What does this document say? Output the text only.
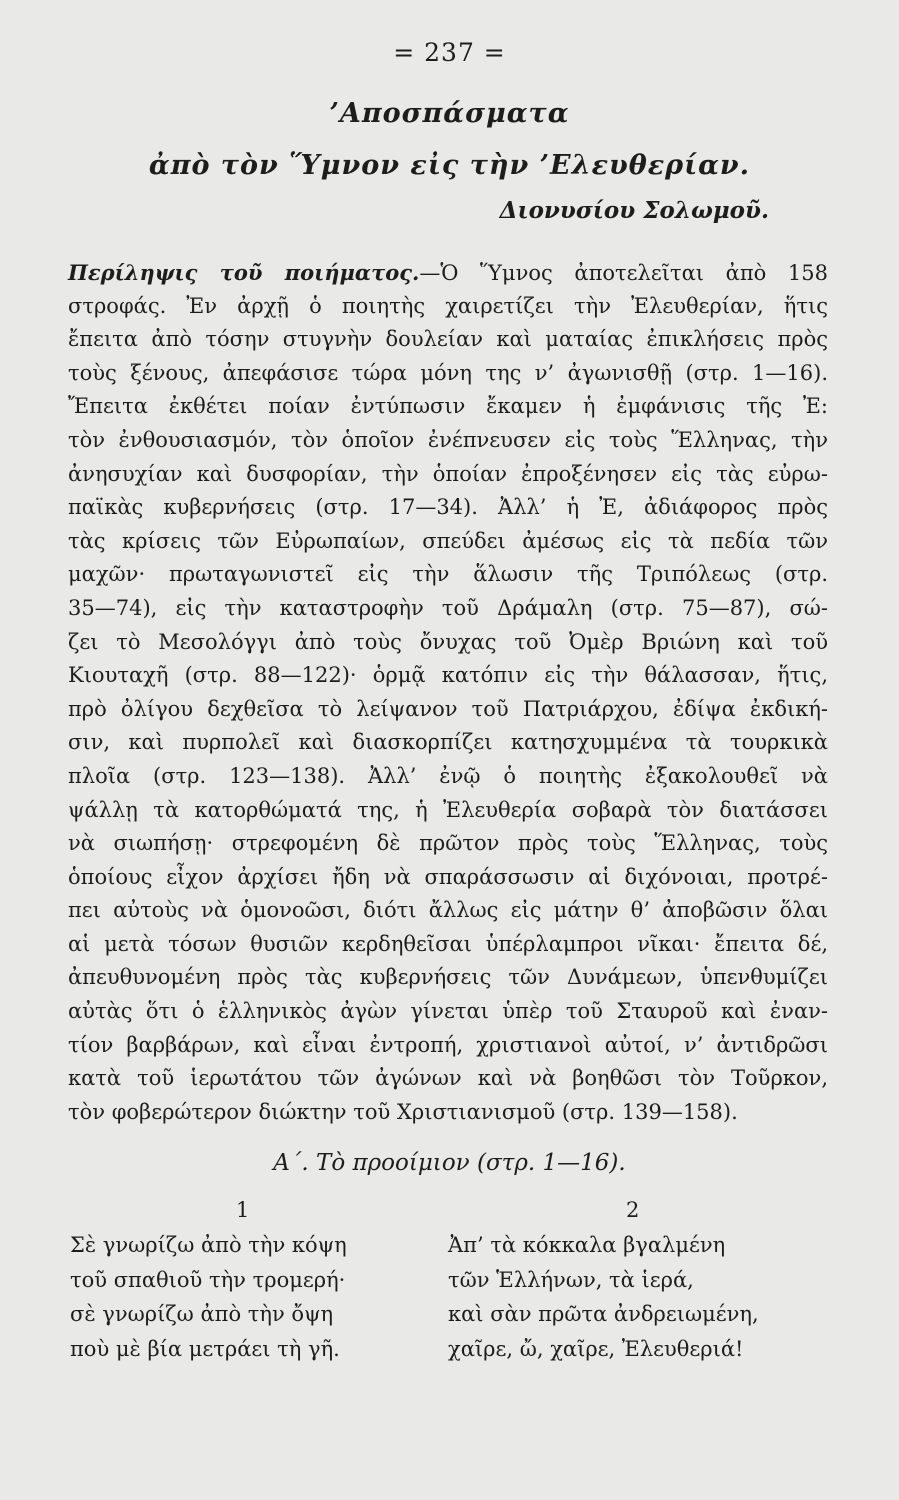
= 237 =
’Αποσπάσματα
ἀπὸ τὸν Ὕμνον εἰς τὴν ’Ελευθερίαν.
Διονυσίου Σολωμοῦ.
Περίληψις τοῦ ποιήματος.—Ὁ Ὕμνος ἀποτελεῖται ἀπὸ 158
στροφάς. Ἐν ἀρχῇ ὁ ποιητὴς χαιρετίζει τὴν Ἐλευθερίαν, ἥτις
ἔπειτα ἀπὸ τόσην στυγνὴν δουλείαν καὶ ματαίας ἐπικλήσεις πρὸς
τοὺς ξένους, ἀπεφάσισε τώρα μόνη της ν’ ἀγωνισθῇ (στρ. 1—16).
Ἔπειτα ἐκθέτει ποίαν ἐντύπωσιν ἔκαμεν ἡ ἐμφάνισις τῆς Ἐ:
τὸν ἐνθουσιασμόν, τὸν ὁποῖον ἐνέπνευσεν εἰς τοὺς Ἕλληνας, τὴν
ἀνησυχίαν καὶ δυσφορίαν, τὴν ὁποίαν ἐπροξένησεν εἰς τὰς εὐρω-
παϊκὰς κυβερνήσεις (στρ. 17—34). Ἀλλ’ ἡ Ἐ, ἀδιάφορος πρὸς
τὰς κρίσεις τῶν Εὐρωπαίων, σπεύδει ἀμέσως εἰς τὰ πεδία τῶν
μαχῶν· πρωταγωνιστεῖ εἰς τὴν ἅλωσιν τῆς Τριπόλεως (στρ.
35—74), εἰς τὴν καταστροφὴν τοῦ Δράμαλη (στρ. 75—87), σώ-
ζει τὸ Μεσολόγγι ἀπὸ τοὺς ὄνυχας τοῦ Ὀμὲρ Βριώνη καὶ τοῦ
Κιουταχῆ (στρ. 88—122)· ὁρμᾷ κατόπιν εἰς τὴν θάλασσαν, ἥτις,
πρὸ ὀλίγου δεχθεῖσα τὸ λείψανον τοῦ Πατριάρχου, ἐδίψα ἐκδική-
σιν, καὶ πυρπολεῖ καὶ διασκορπίζει κατησχυμμένα τὰ τουρκικὰ
πλοῖα (στρ. 123—138). Ἀλλ’ ἐνῷ ὁ ποιητὴς ἐξακολουθεῖ νὰ
ψάλλῃ τὰ κατορθώματά της, ἡ Ἐλευθερία σοβαρὰ τὸν διατάσσει
νὰ σιωπήσῃ· στρεφομένη δὲ πρῶτον πρὸς τοὺς Ἕλληνας, τοὺς
ὁποίους εἶχον ἀρχίσει ἤδη νὰ σπαράσσωσιν αἱ διχόνοιαι, προτρέ-
πει αὐτοὺς νὰ ὁμονοῶσι, διότι ἄλλως εἰς μάτην θ’ ἀποβῶσιν ὅλαι
αἱ μετὰ τόσων θυσιῶν κερδηθεῖσαι ὑπέρλαμπροι νῖκαι· ἔπειτα δέ,
ἀπευθυνομένη πρὸς τὰς κυβερνήσεις τῶν Δυνάμεων, ὑπενθυμίζει
αὐτὰς ὅτι ὁ ἑλληνικὸς ἀγὼν γίνεται ὑπὲρ τοῦ Σταυροῦ καὶ ἐναν-
τίον βαρβάρων, καὶ εἶναι ἐντροπή, χριστιανοὶ αὐτοί, ν’ ἀντιδρῶσι
κατὰ τοῦ ἱερωτάτου τῶν ἀγώνων καὶ νὰ βοηθῶσι τὸν Τοῦρκον,
τὸν φοβερώτερον διώκτην τοῦ Χριστιανισμοῦ (στρ. 139—158).
Α΄. Τὸ προοίμιον (στρ. 1—16).
1	2
Σὲ γνωρίζω ἀπὸ τὴν κόψη
τοῦ σπαθιοῦ τὴν τρομερή·
σὲ γνωρίζω ἀπὸ τὴν ὄψη
ποὺ μὲ βία μετράει τὴ γῆ.
Ἀπ’ τὰ κόκκαλα βγαλμένη
τῶν Ἑλλήνων, τὰ ἱερά,
καὶ σὰν πρῶτα ἀνδρειωμένη,
χαῖρε, ὤ, χαῖρε, Ἐλευθεριά!
